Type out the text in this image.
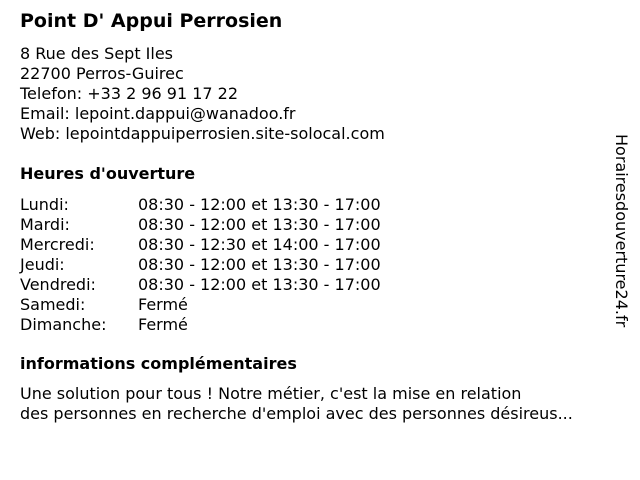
Point D' Appui Perrosien
8 Rue des Sept Iles
22700 Perros-Guirec
Telefon: +33 2 96 91 17 22
Email: lepoint.dappui@wanadoo.fr
Web: lepointdappuiperrosien.site-solocal.com
Heures d'ouverture
Lundi:	08:30 - 12:00 et 13:30 - 17:00
Mardi:	08:30 - 12:00 et 13:30 - 17:00
Mercredi:	08:30 - 12:30 et 14:00 - 17:00
Jeudi:	08:30 - 12:00 et 13:30 - 17:00
Vendredi:	08:30 - 12:00 et 13:30 - 17:00
Samedi:	Fermé
Dimanche: Fermé
informations complémentaires
Une solution pour tous ! Notre métier, c'est la mise en relation
des personnes en recherche d'emploi avec des personnes désireus...
Horairesdouverture24.fr
